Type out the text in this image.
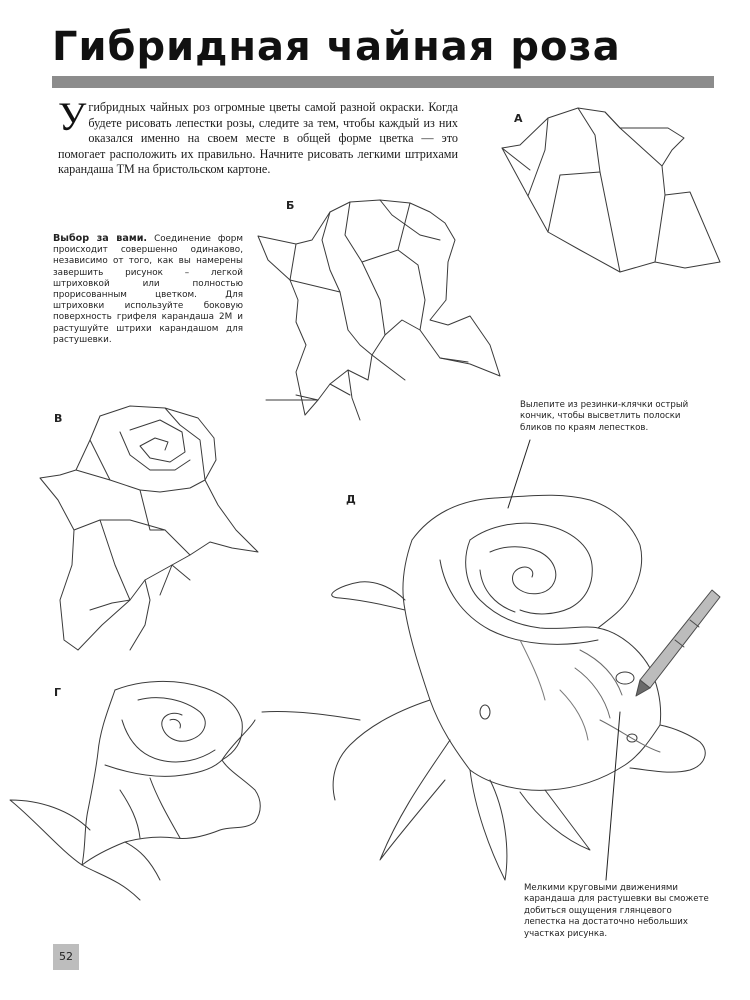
Гибридная чайная роза
У гибридных чайных роз огромные цветы самой разной окраски. Когда будете рисовать лепестки розы, следите за тем, чтобы каждый из них оказался именно на своем месте в общей форме цветка — это помогает расположить их правильно. Начните рисовать легкими штрихами карандаша ТМ на бристольском картоне.
Выбор за вами. Соединение форм происходит совершенно одинаково, независимо от того, как вы намерены завершить рисунок – легкой штриховкой или полностью прорисованным цветком. Для штриховки используйте боковую поверхность грифеля карандаша 2М и растушуйте штрихи карандашом для растушевки.
А
Б
В
Д
Г
Вылепите из резинки-клячки острый кончик, чтобы высветлить полоски бликов по краям лепестков.
Мелкими круговыми движениями карандаша для растушевки вы сможете добиться ощущения глянцевого лепестка на достаточно небольших участках рисунка.
52
